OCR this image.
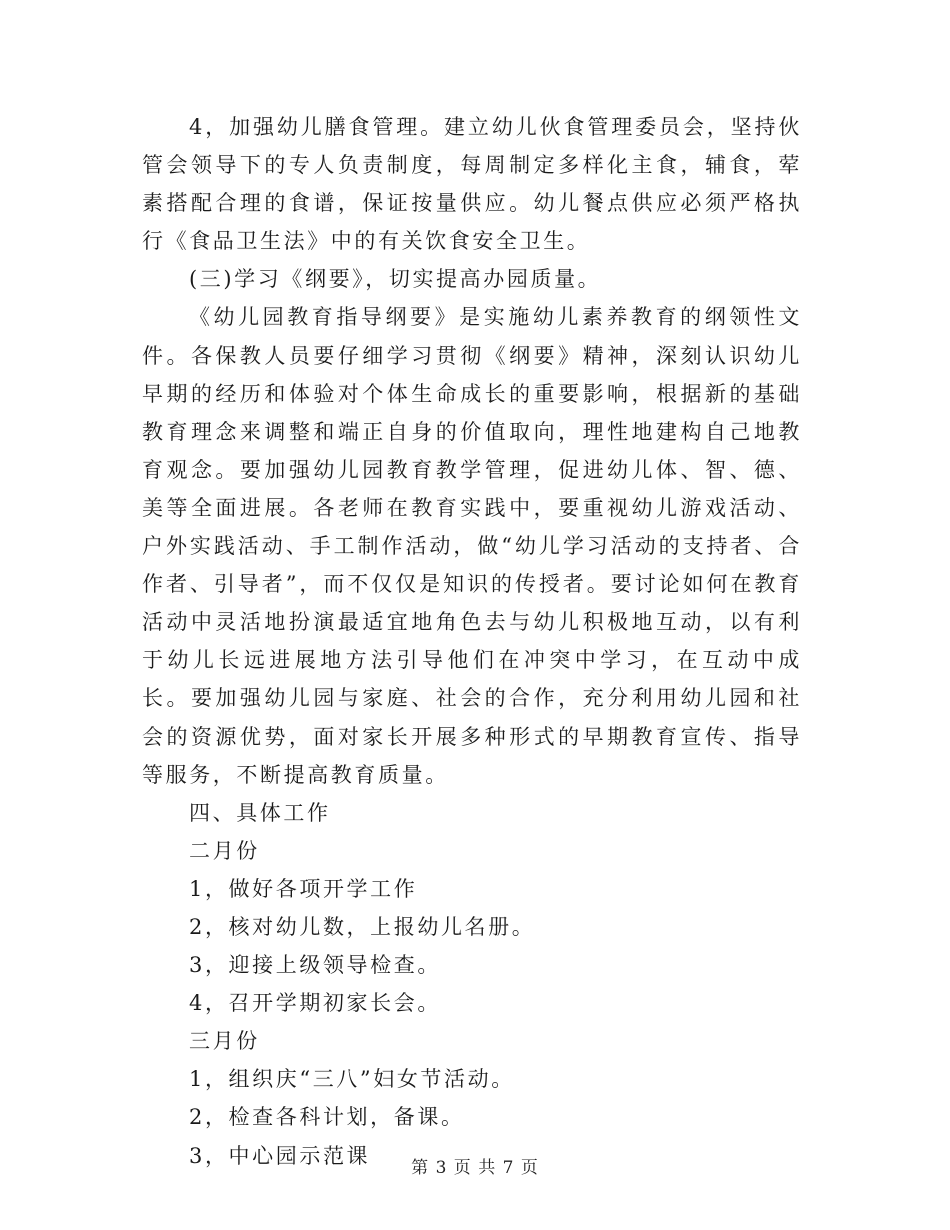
4，加强幼儿膳食管理。建立幼儿伙食管理委员会，坚持伙管会领导下的专人负责制度，每周制定多样化主食，辅食，荤素搭配合理的食谱，保证按量供应。幼儿餐点供应必须严格执行《食品卫生法》中的有关饮食安全卫生。

(三)学习《纲要》，切实提高办园质量。

《幼儿园教育指导纲要》是实施幼儿素养教育的纲领性文件。各保教人员要仔细学习贯彻《纲要》精神，深刻认识幼儿早期的经历和体验对个体生命成长的重要影响，根据新的基础教育理念来调整和端正自身的价值取向，理性地建构自己地教育观念。要加强幼儿园教育教学管理，促进幼儿体、智、德、美等全面进展。各老师在教育实践中，要重视幼儿游戏活动、户外实践活动、手工制作活动，做“幼儿学习活动的支持者、合作者、引导者”，而不仅仅是知识的传授者。要讨论如何在教育活动中灵活地扮演最适宜地角色去与幼儿积极地互动，以有利于幼儿长远进展地方法引导他们在冲突中学习，在互动中成长。要加强幼儿园与家庭、社会的合作，充分利用幼儿园和社会的资源优势，面对家长开展多种形式的早期教育宣传、指导等服务，不断提高教育质量。

四、具体工作

二月份

1，做好各项开学工作

2，核对幼儿数，上报幼儿名册。

3，迎接上级领导检查。

4，召开学期初家长会。

三月份

1，组织庆“三八”妇女节活动。

2，检查各科计划，备课。

3，中心园示范课

第 3 页 共 7 页
